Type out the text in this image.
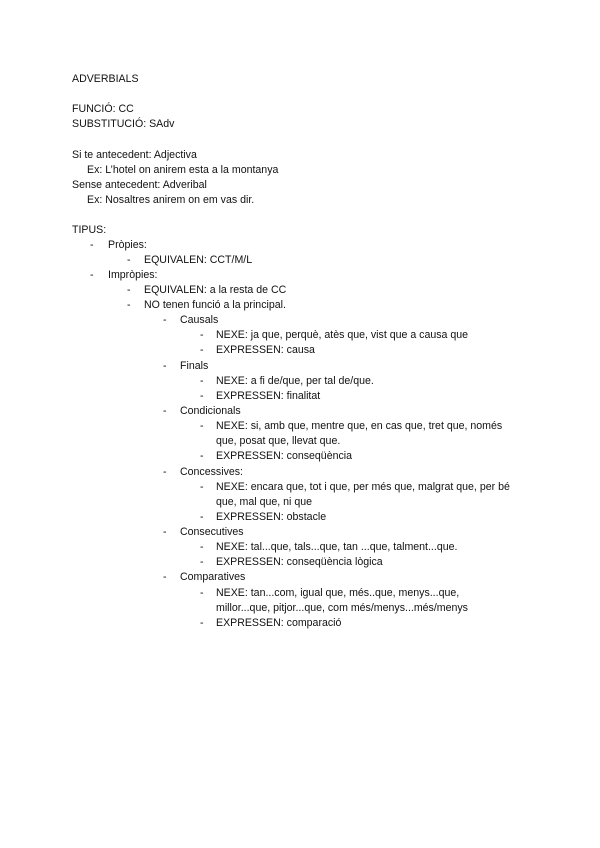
ADVERBIALS
FUNCIÓ: CC
SUBSTITUCIÓ: SAdv
Si te antecedent: Adjectiva
Ex: L’hotel on anirem esta a la montanya
Sense antecedent: Adveribal
Ex: Nosaltres anirem on em vas dir.
TIPUS:
- Pròpies:
- EQUIVALEN: CCT/M/L
- Impròpies:
- EQUIVALEN: a la resta de CC
- NO tenen funció a la principal.
- Causals
- NEXE: ja que, perquè, atès que, vist que a causa que
- EXPRESSEN: causa
- Finals
- NEXE: a fi de/que, per tal de/que.
- EXPRESSEN: finalitat
- Condicionals
- NEXE: si, amb que, mentre que, en cas que, tret que, només
que, posat que, llevat que.
- EXPRESSEN: conseqüència
- Concessives:
- NEXE: encara que, tot i que, per més que, malgrat que, per bé
que, mal que, ni que
- EXPRESSEN: obstacle
- Consecutives
- NEXE: tal...que, tals...que, tan ...que, talment...que.
- EXPRESSEN: conseqüència lògica
- Comparatives
- NEXE: tan...com, igual que, més..que, menys...que,
millor...que, pitjor...que, com més/menys...més/menys
- EXPRESSEN: comparació
